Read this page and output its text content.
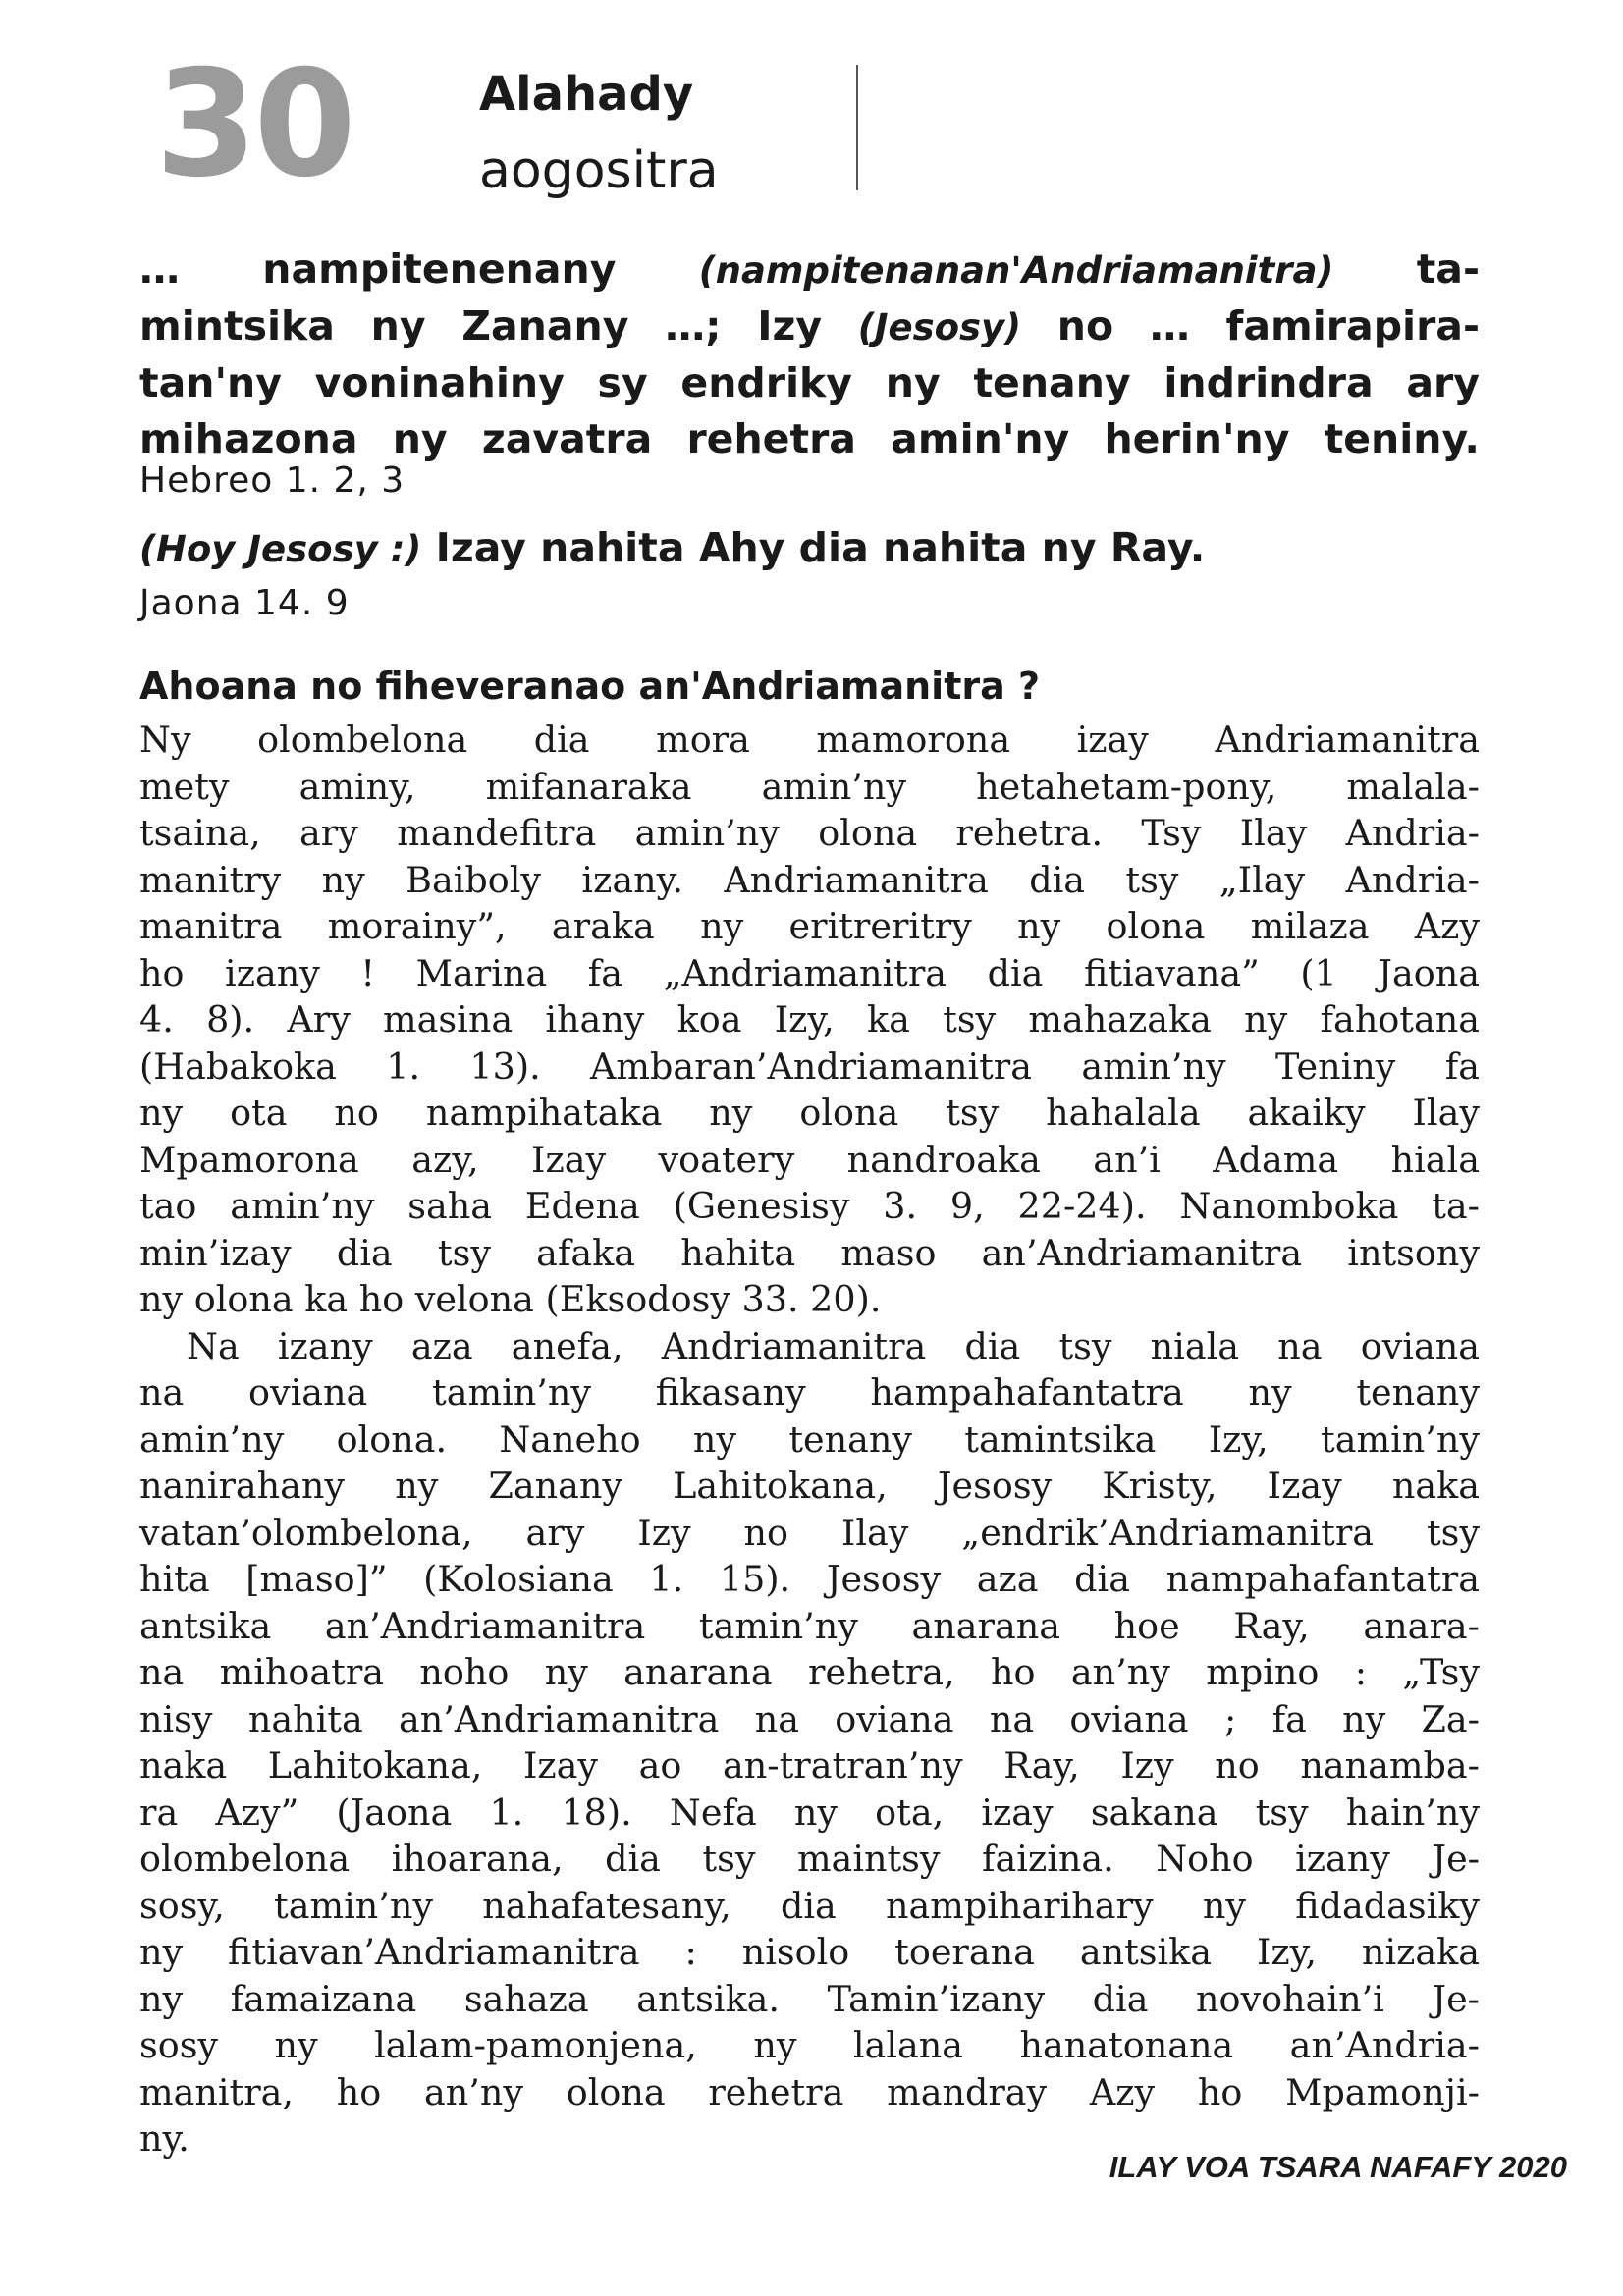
30	Alahady
aogositra
… nampitenenany (nampitenanan'Andriamanitra) ta-
mintsika ny Zanany …; Izy (Jesosy) no … famirapira-
tan'ny voninahiny sy endriky ny tenany indrindra ary
mihazona ny zavatra rehetra amin'ny herin'ny teniny.
Hebreo 1. 2, 3
(Hoy Jesosy :) Izay nahita Ahy dia nahita ny Ray.
Jaona 14. 9
Ahoana no fiheveranao an'Andriamanitra ?
Ny olombelona dia mora mamorona izay Andriamanitra
mety aminy, mifanaraka amin’ny hetahetam-pony, malala-
tsaina, ary mandefitra amin’ny olona rehetra. Tsy Ilay Andria-
manitry ny Baiboly izany. Andriamanitra dia tsy „Ilay Andria-
manitra morainy”, araka ny eritreritry ny olona milaza Azy
ho izany ! Marina fa „Andriamanitra dia fitiavana” (1 Jaona
4. 8). Ary masina ihany koa Izy, ka tsy mahazaka ny fahotana
(Habakoka 1. 13). Ambaran’Andriamanitra amin’ny Teniny fa
ny ota no nampihataka ny olona tsy hahalala akaiky Ilay
Mpamorona azy, Izay voatery nandroaka an’i Adama hiala
tao amin’ny saha Edena (Genesisy 3. 9, 22-24). Nanomboka ta-
min’izay dia tsy afaka hahita maso an’Andriamanitra intsony
ny olona ka ho velona (Eksodosy 33. 20).
Na izany aza anefa, Andriamanitra dia tsy niala na oviana
na oviana tamin’ny fikasany hampahafantatra ny tenany
amin’ny olona. Naneho ny tenany tamintsika Izy, tamin’ny
nanirahany ny Zanany Lahitokana, Jesosy Kristy, Izay naka
vatan’olombelona, ary Izy no Ilay „endrik’Andriamanitra tsy
hita [maso]” (Kolosiana 1. 15). Jesosy aza dia nampahafantatra
antsika an’Andriamanitra tamin’ny anarana hoe Ray, anara-
na mihoatra noho ny anarana rehetra, ho an’ny mpino : „Tsy
nisy nahita an’Andriamanitra na oviana na oviana ; fa ny Za-
naka Lahitokana, Izay ao an-tratran’ny Ray, Izy no nanamba-
ra Azy” (Jaona 1. 18). Nefa ny ota, izay sakana tsy hain’ny
olombelona ihoarana, dia tsy maintsy faizina. Noho izany Je-
sosy, tamin’ny nahafatesany, dia nampiharihary ny fidadasiky
ny fitiavan’Andriamanitra : nisolo toerana antsika Izy, nizaka
ny famaizana sahaza antsika. Tamin’izany dia novohain’i Je-
sosy ny lalam-pamonjena, ny lalana hanatonana an’Andria-
manitra, ho an’ny olona rehetra mandray Azy ho Mpamonji-
ny.
ILAY VOA TSARA NAFAFY 2020
